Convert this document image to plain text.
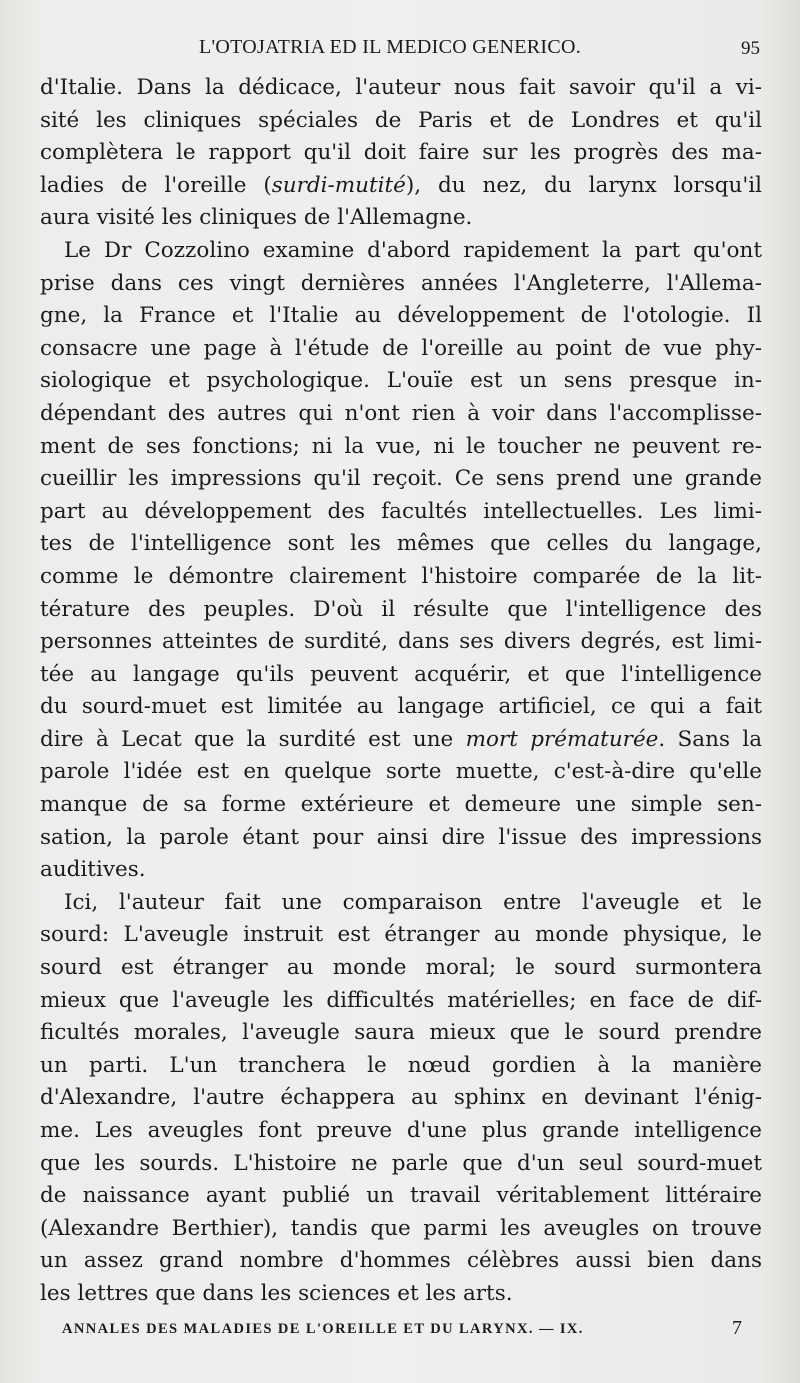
L'OTOJATRIA ED IL MEDICO GENERICO.	95
d'Italie. Dans la dédicace, l'auteur nous fait savoir qu'il a vi-
sité les cliniques spéciales de Paris et de Londres et qu'il
complètera le rapport qu'il doit faire sur les progrès des ma-
ladies de l'oreille (surdi-mutité), du nez, du larynx lorsqu'il
aura visité les cliniques de l'Allemagne.
Le Dr Cozzolino examine d'abord rapidement la part qu'ont
prise dans ces vingt dernières années l'Angleterre, l'Allema-
gne, la France et l'Italie au développement de l'otologie. Il
consacre une page à l'étude de l'oreille au point de vue phy-
siologique et psychologique. L'ouïe est un sens presque in-
dépendant des autres qui n'ont rien à voir dans l'accomplisse-
ment de ses fonctions; ni la vue, ni le toucher ne peuvent re-
cueillir les impressions qu'il reçoit. Ce sens prend une grande
part au développement des facultés intellectuelles. Les limi-
tes de l'intelligence sont les mêmes que celles du langage,
comme le démontre clairement l'histoire comparée de la lit-
térature des peuples. D'où il résulte que l'intelligence des
personnes atteintes de surdité, dans ses divers degrés, est limi-
tée au langage qu'ils peuvent acquérir, et que l'intelligence
du sourd-muet est limitée au langage artificiel, ce qui a fait
dire à Lecat que la surdité est une mort prématurée. Sans la
parole l'idée est en quelque sorte muette, c'est-à-dire qu'elle
manque de sa forme extérieure et demeure une simple sen-
sation, la parole étant pour ainsi dire l'issue des impressions
auditives.
Ici, l'auteur fait une comparaison entre l'aveugle et le
sourd: L'aveugle instruit est étranger au monde physique, le
sourd est étranger au monde moral; le sourd surmontera
mieux que l'aveugle les difficultés matérielles; en face de dif-
ficultés morales, l'aveugle saura mieux que le sourd prendre
un parti. L'un tranchera le nœud gordien à la manière
d'Alexandre, l'autre échappera au sphinx en devinant l'énig-
me. Les aveugles font preuve d'une plus grande intelligence
que les sourds. L'histoire ne parle que d'un seul sourd-muet
de naissance ayant publié un travail véritablement littéraire
(Alexandre Berthier), tandis que parmi les aveugles on trouve
un assez grand nombre d'hommes célèbres aussi bien dans
les lettres que dans les sciences et les arts.
ANNALES DES MALADIES DE L'OREILLE ET DU LARYNX. — IX.	7
